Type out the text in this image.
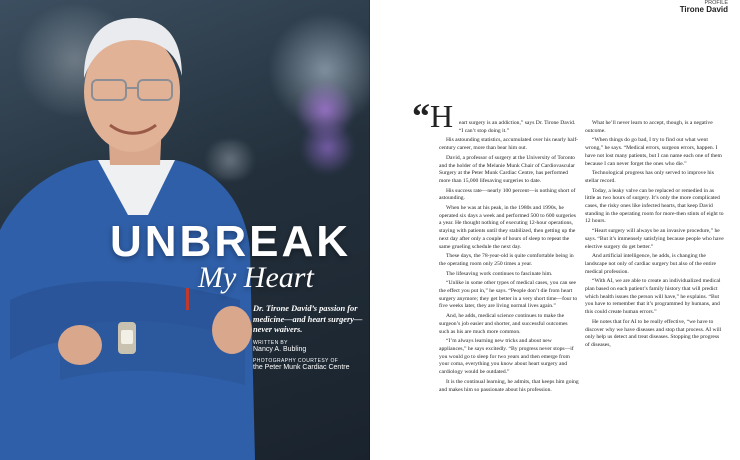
UNBREAK
My Heart
Dr. Tirone David’s passion for medicine—and heart surgery—never waivers.
WRITTEN BY
Nancy A. Bubling
PHOTOGRAPHY COURTESY OF
the Peter Munk Cardiac Centre
PROFILE
Tirone David
“ H	eart surgery is an addiction,” says Dr. Tirone David. “I can’t stop doing it.”

His astounding statistics, accumulated over his nearly half-century career, more than bear him out.

David, a professor of surgery at the University of Toronto and the holder of the Melanie Munk Chair of Cardiovascular Surgery at the Peter Munk Cardiac Centre, has performed more than 15,000 lifesaving surgeries to date.

His success rate—nearly 100 percent—is nothing short of astounding.

When he was at his peak, in the 1980s and 1990s, he operated six days a week and performed 500 to 600 surgeries a year. He thought nothing of executing 12-hour operations, staying with patients until they stabilized, then getting up the next day after only a couple of hours of sleep to repeat the same grueling schedule the next day.

These days, the 78-year-old is quite comfortable being in the operating room only 250 times a year.

The lifesaving work continues to fascinate him.

“Unlike in some other types of medical cases, you can see the effect you put in,” he says. “People don’t die from heart surgery anymore; they get better in a very short time—four to five weeks later, they are living normal lives again.”

And, he adds, medical science continues to make the surgeon’s job easier and shorter, and successful outcomes such as his are much more common.

“I’m always learning new tricks and about new appliances,” he says excitedly. “By progress never stops—if you would go to sleep for two years and then emerge from your coma, everything you know about heart surgery and cardiology would be outdated.”

It is the continual learning, he admits, that keeps him going and makes him so passionate about his profession.

What he’ll never learn to accept, though, is a negative outcome.

“When things do go bad, I try to find out what went wrong,” he says. “Medical errors, surgeon errors, happen. I have not lost many patients, but I can name each one of them because I can never forget the ones who die.”

Technological progress has only served to improve his stellar record.

Today, a leaky valve can be replaced or remedied in as little as two hours of surgery. It’s only the more complicated cases, the risky ones like infected hearts, that keep David standing in the operating room for more-then stints of eight to 12 hours.

“Heart surgery will always be an invasive procedure,” he says. “But it’s immensely satisfying because people who have elective surgery do get better.”

And artificial intelligence, he adds, is changing the landscape not only of cardiac surgery but also of the entire medical profession.

“With AI, we are able to create an individualized medical plan based on each patient’s family history that will predict which health issues the person will have,” he explains. “But you have to remember that it’s programmed by humans, and this could create human errors.”

He notes that for AI to be really effective, “we have to discover why we have diseases and stop that process. AI will only help us detect and treat diseases. Stopping the progress of diseases,
